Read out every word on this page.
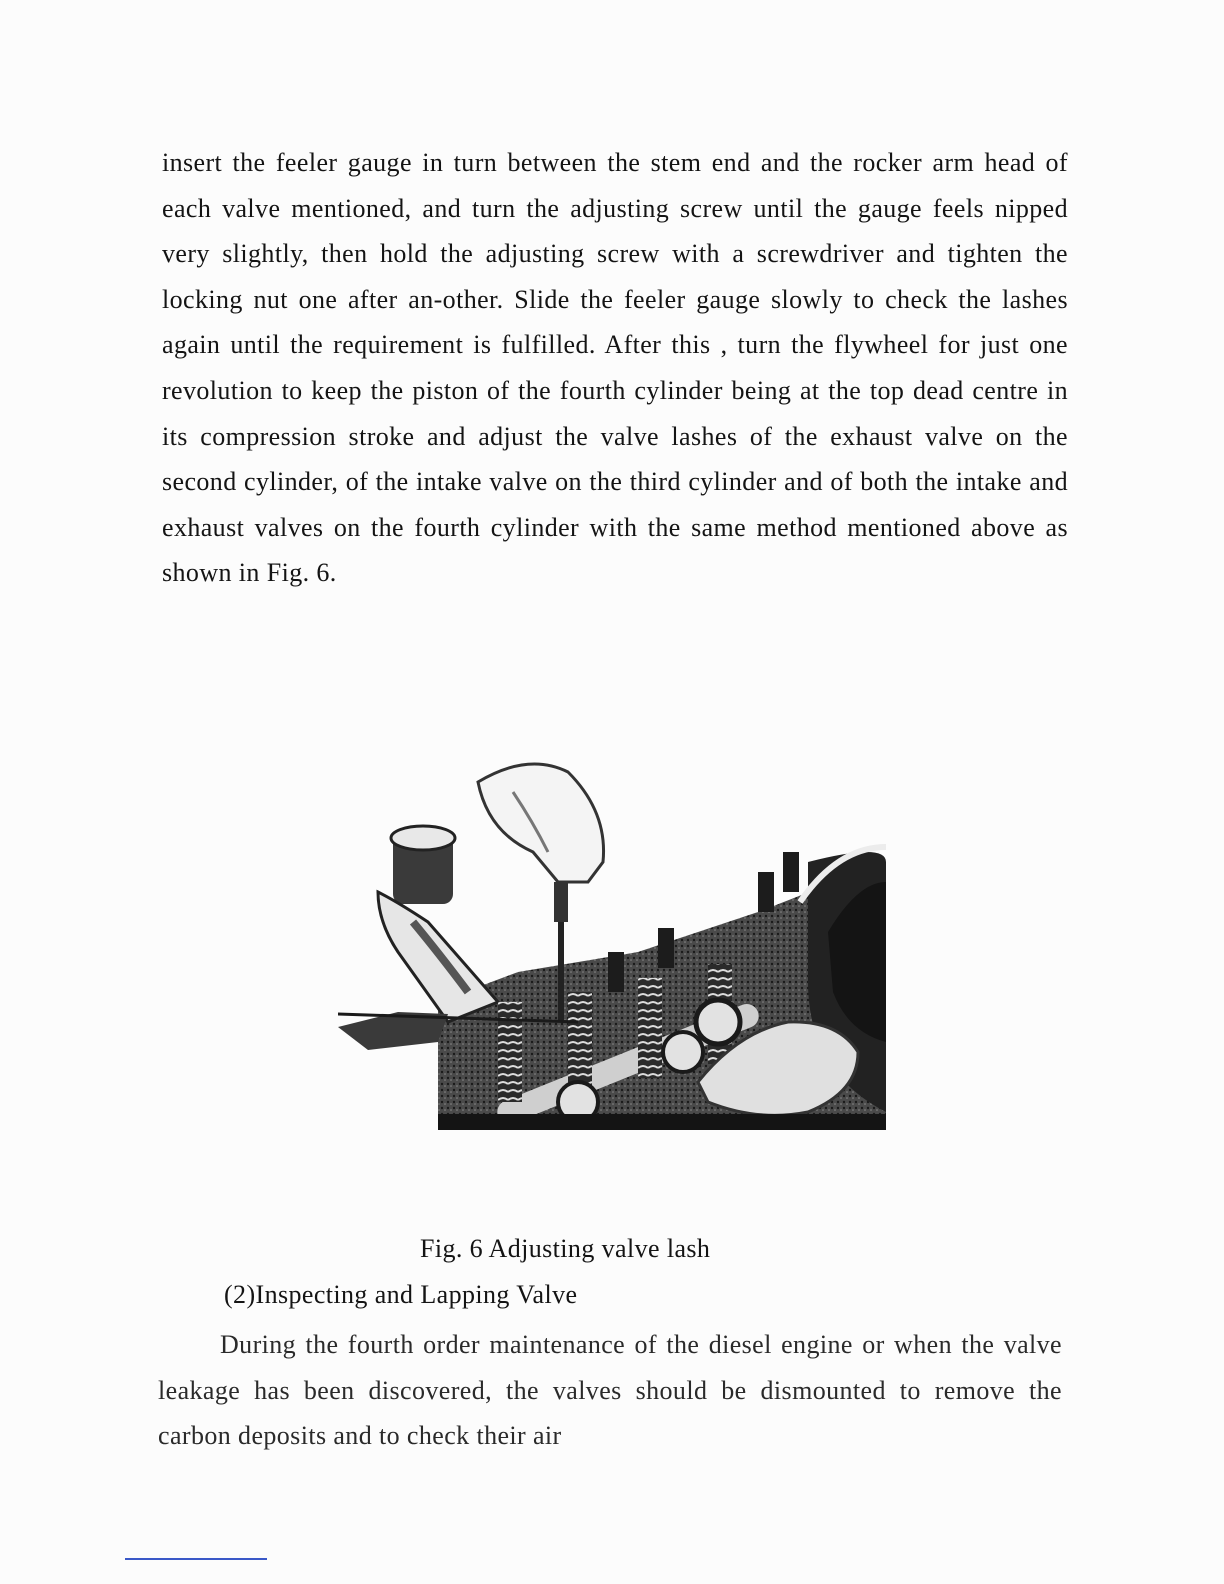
insert the feeler gauge in turn between the stem end and the rocker arm head of each valve mentioned, and turn the adjusting screw until the gauge feels nipped very slightly, then hold the adjusting screw with a screwdriver and tighten the locking nut one after an-other. Slide the feeler gauge slowly to check the lashes again until the requirement is fulfilled. After this , turn the flywheel for just one revolution to keep the piston of the fourth cylinder being at the top dead centre in its compression stroke and adjust the valve lashes of the exhaust valve on the second cylinder, of the intake valve on the third cylinder and of both the intake and exhaust valves on the fourth cylinder with the same method mentioned above as shown in Fig. 6.

Fig. 6 Adjusting valve lash

(2)Inspecting and Lapping Valve

During the fourth order maintenance of the diesel engine or when the valve leakage has been discovered, the valves should be dismounted to remove the carbon deposits and to check their air
